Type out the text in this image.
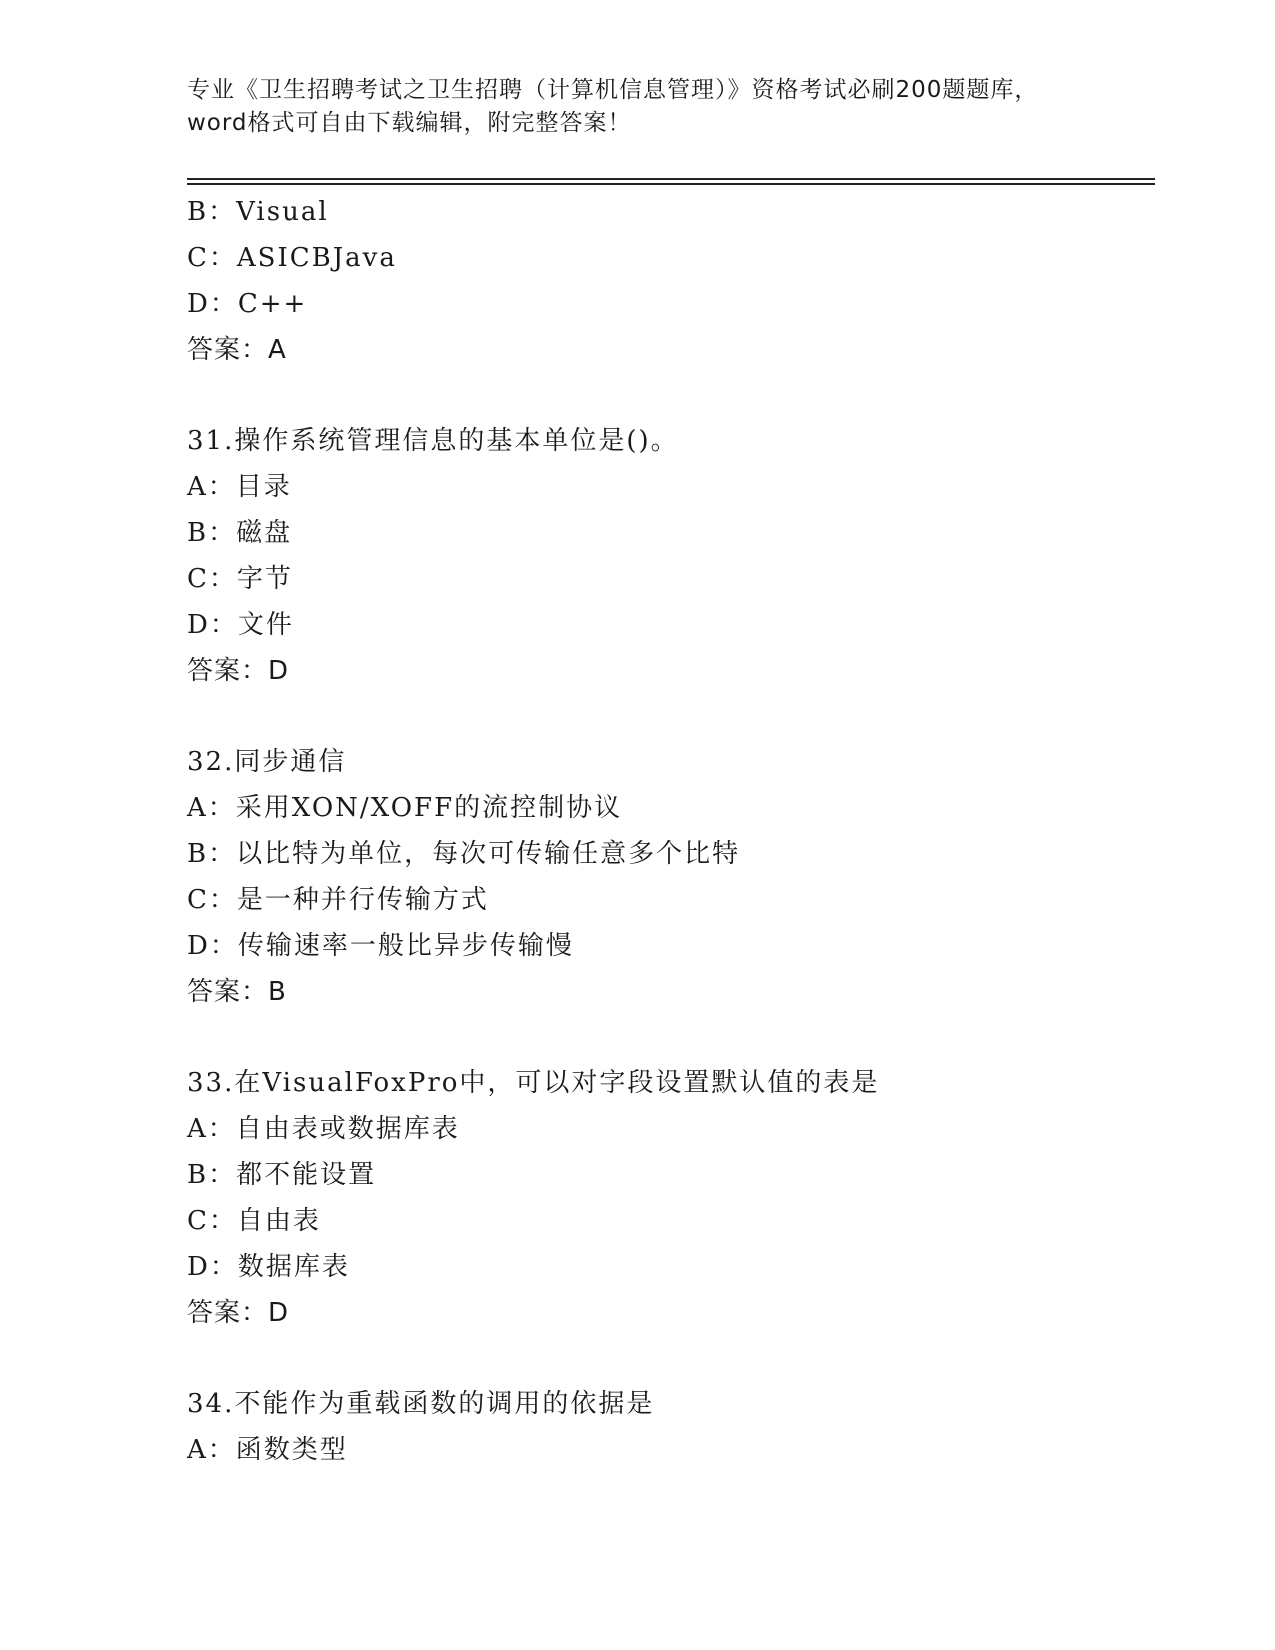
专业《卫生招聘考试之卫生招聘（计算机信息管理）》资格考试必刷200题题库，
word格式可自由下载编辑，附完整答案！
B：Visual
C：ASICBJava
D：C++
答案：A
31.操作系统管理信息的基本单位是()。
A：目录
B：磁盘
C：字节
D：文件
答案：D
32.同步通信
A：采用XON/XOFF的流控制协议
B：以比特为单位，每次可传输任意多个比特
C：是一种并行传输方式
D：传输速率一般比异步传输慢
答案：B
33.在VisualFoxPro中，可以对字段设置默认值的表是
A：自由表或数据库表
B：都不能设置
C：自由表
D：数据库表
答案：D
34.不能作为重载函数的调用的依据是
A：函数类型
